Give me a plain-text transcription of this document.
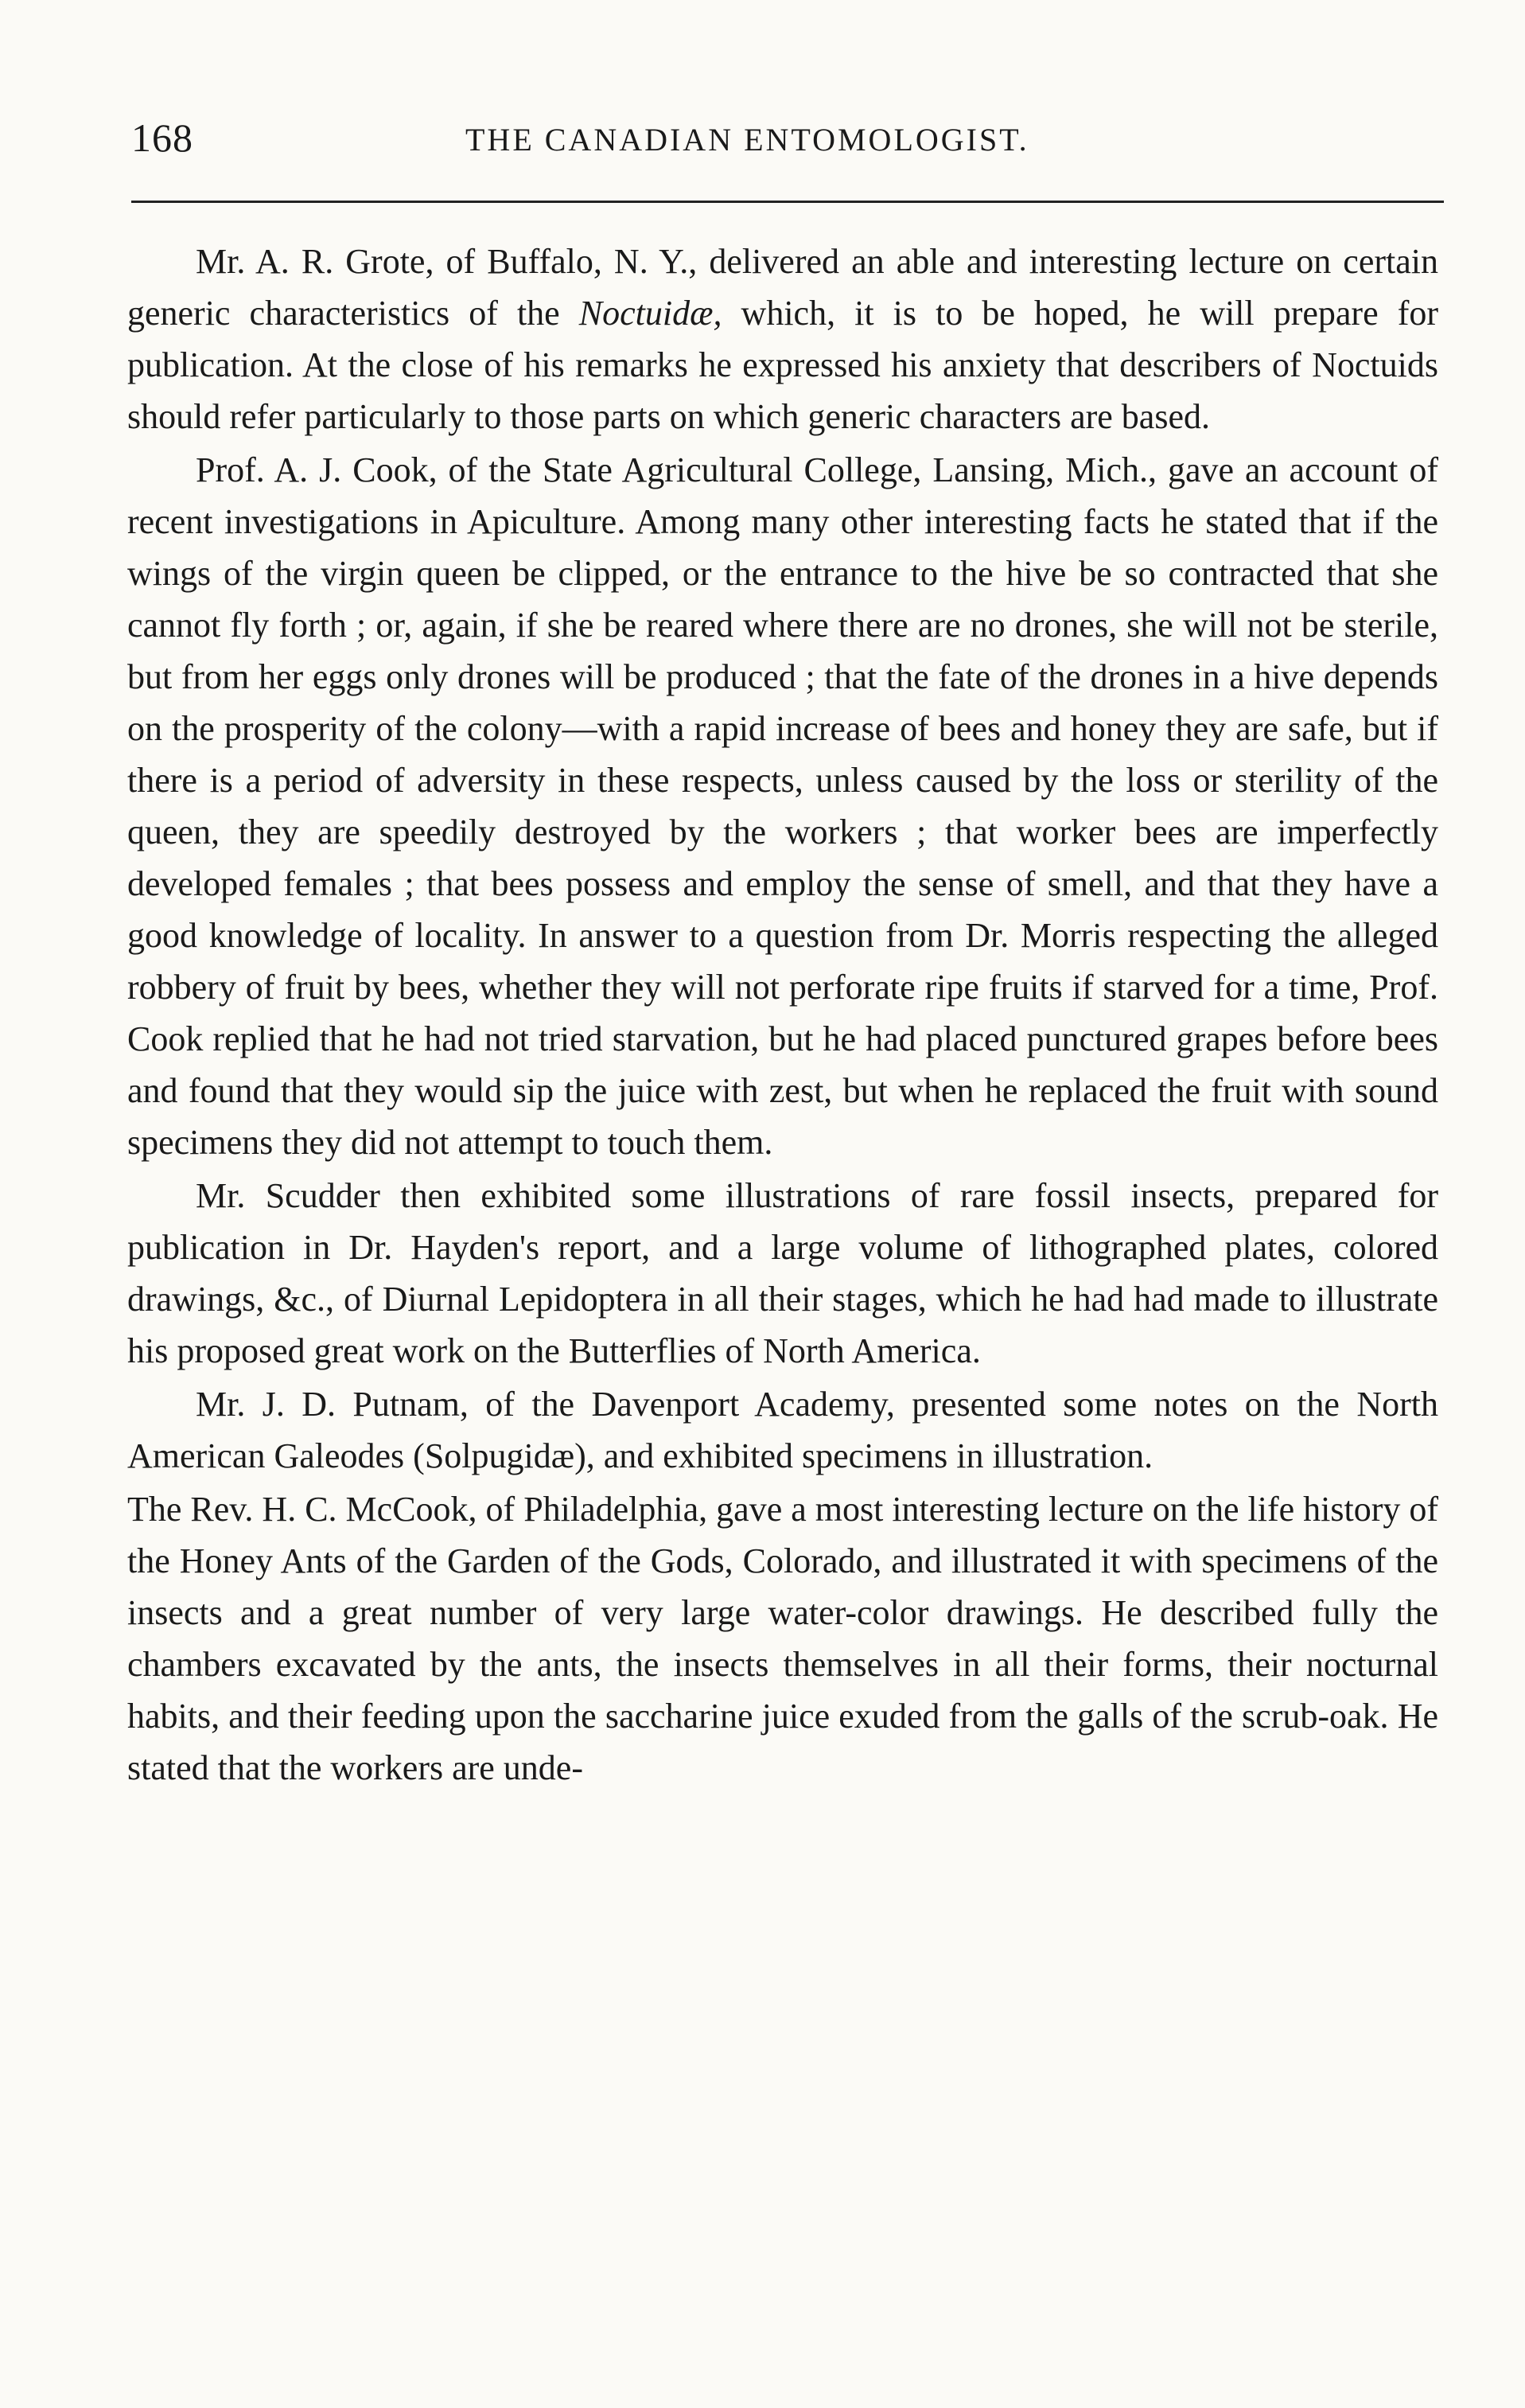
168	THE CANADIAN ENTOMOLOGIST.

Mr. A. R. Grote, of Buffalo, N. Y., delivered an able and interesting lecture on certain generic characteristics of the Noctuidæ, which, it is to be hoped, he will prepare for publication. At the close of his remarks he expressed his anxiety that describers of Noctuids should refer particularly to those parts on which generic characters are based.

Prof. A. J. Cook, of the State Agricultural College, Lansing, Mich., gave an account of recent investigations in Apiculture. Among many other interesting facts he stated that if the wings of the virgin queen be clipped, or the entrance to the hive be so contracted that she cannot fly forth ; or, again, if she be reared where there are no drones, she will not be sterile, but from her eggs only drones will be produced ; that the fate of the drones in a hive depends on the prosperity of the colony—with a rapid increase of bees and honey they are safe, but if there is a period of adversity in these respects, unless caused by the loss or sterility of the queen, they are speedily destroyed by the workers ; that worker bees are imperfectly developed females ; that bees possess and employ the sense of smell, and that they have a good knowledge of locality. In answer to a question from Dr. Morris respecting the alleged robbery of fruit by bees, whether they will not perforate ripe fruits if starved for a time, Prof. Cook replied that he had not tried starvation, but he had placed punctured grapes before bees and found that they would sip the juice with zest, but when he replaced the fruit with sound specimens they did not attempt to touch them.

Mr. Scudder then exhibited some illustrations of rare fossil insects, prepared for publication in Dr. Hayden's report, and a large volume of lithographed plates, colored drawings, &c., of Diurnal Lepidoptera in all their stages, which he had had made to illustrate his proposed great work on the Butterflies of North America.

Mr. J. D. Putnam, of the Davenport Academy, presented some notes on the North American Galeodes (Solpugidæ), and exhibited specimens in illustration.

The Rev. H. C. McCook, of Philadelphia, gave a most interesting lecture on the life history of the Honey Ants of the Garden of the Gods, Colorado, and illustrated it with specimens of the insects and a great number of very large water-color drawings. He described fully the chambers excavated by the ants, the insects themselves in all their forms, their nocturnal habits, and their feeding upon the saccharine juice exuded from the galls of the scrub-oak. He stated that the workers are unde-
